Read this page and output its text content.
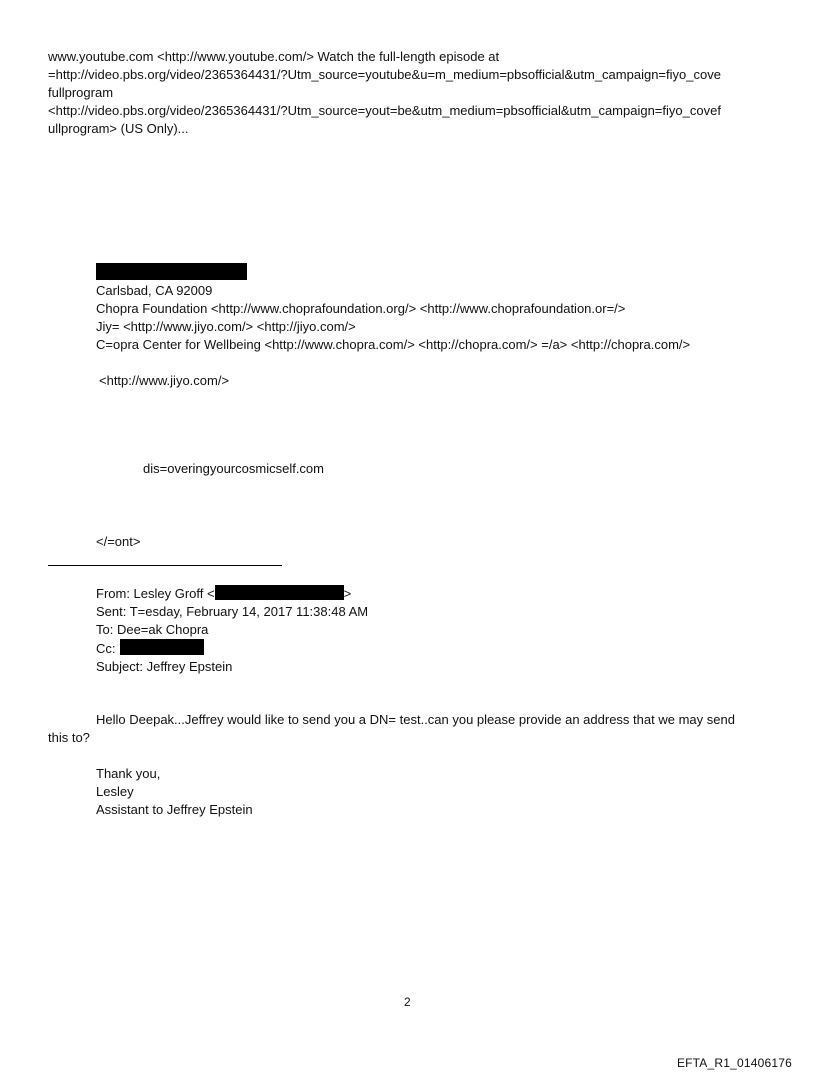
www.youtube.com <http://www.youtube.com/> Watch the full-length episode at
=http://video.pbs.org/video/2365364431/?Utm_source=youtube&u=m_medium=pbsofficial&utm_campaign=fiyo_cove
fullprogram
<http://video.pbs.org/video/2365364431/?Utm_source=yout=be&utm_medium=pbsofficial&utm_campaign=fiyo_covef
ullprogram> (US Only)...
Carlsbad, CA 92009
Chopra Foundation <http://www.choprafoundation.org/> <http://www.choprafoundation.or=/>
Jiy= <http://www.jiyo.com/> <http://jiyo.com/>
C=opra Center for Wellbeing <http://www.chopra.com/> <http://chopra.com/> =/a> <http://chopra.com/>
<http://www.jiyo.com/>
dis=overingyourcosmicself.com
</=ont>
From: Lesley Groff <	>
Sent: T=esday, February 14, 2017 11:38:48 AM
To: Dee=ak Chopra
Cc:
Subject: Jeffrey Epstein
Hello Deepak...Jeffrey would like to send you a DN= test..can you please provide an address that we may send
this to?
Thank you,
Lesley
Assistant to Jeffrey Epstein
2
EFTA_R1_01406176
